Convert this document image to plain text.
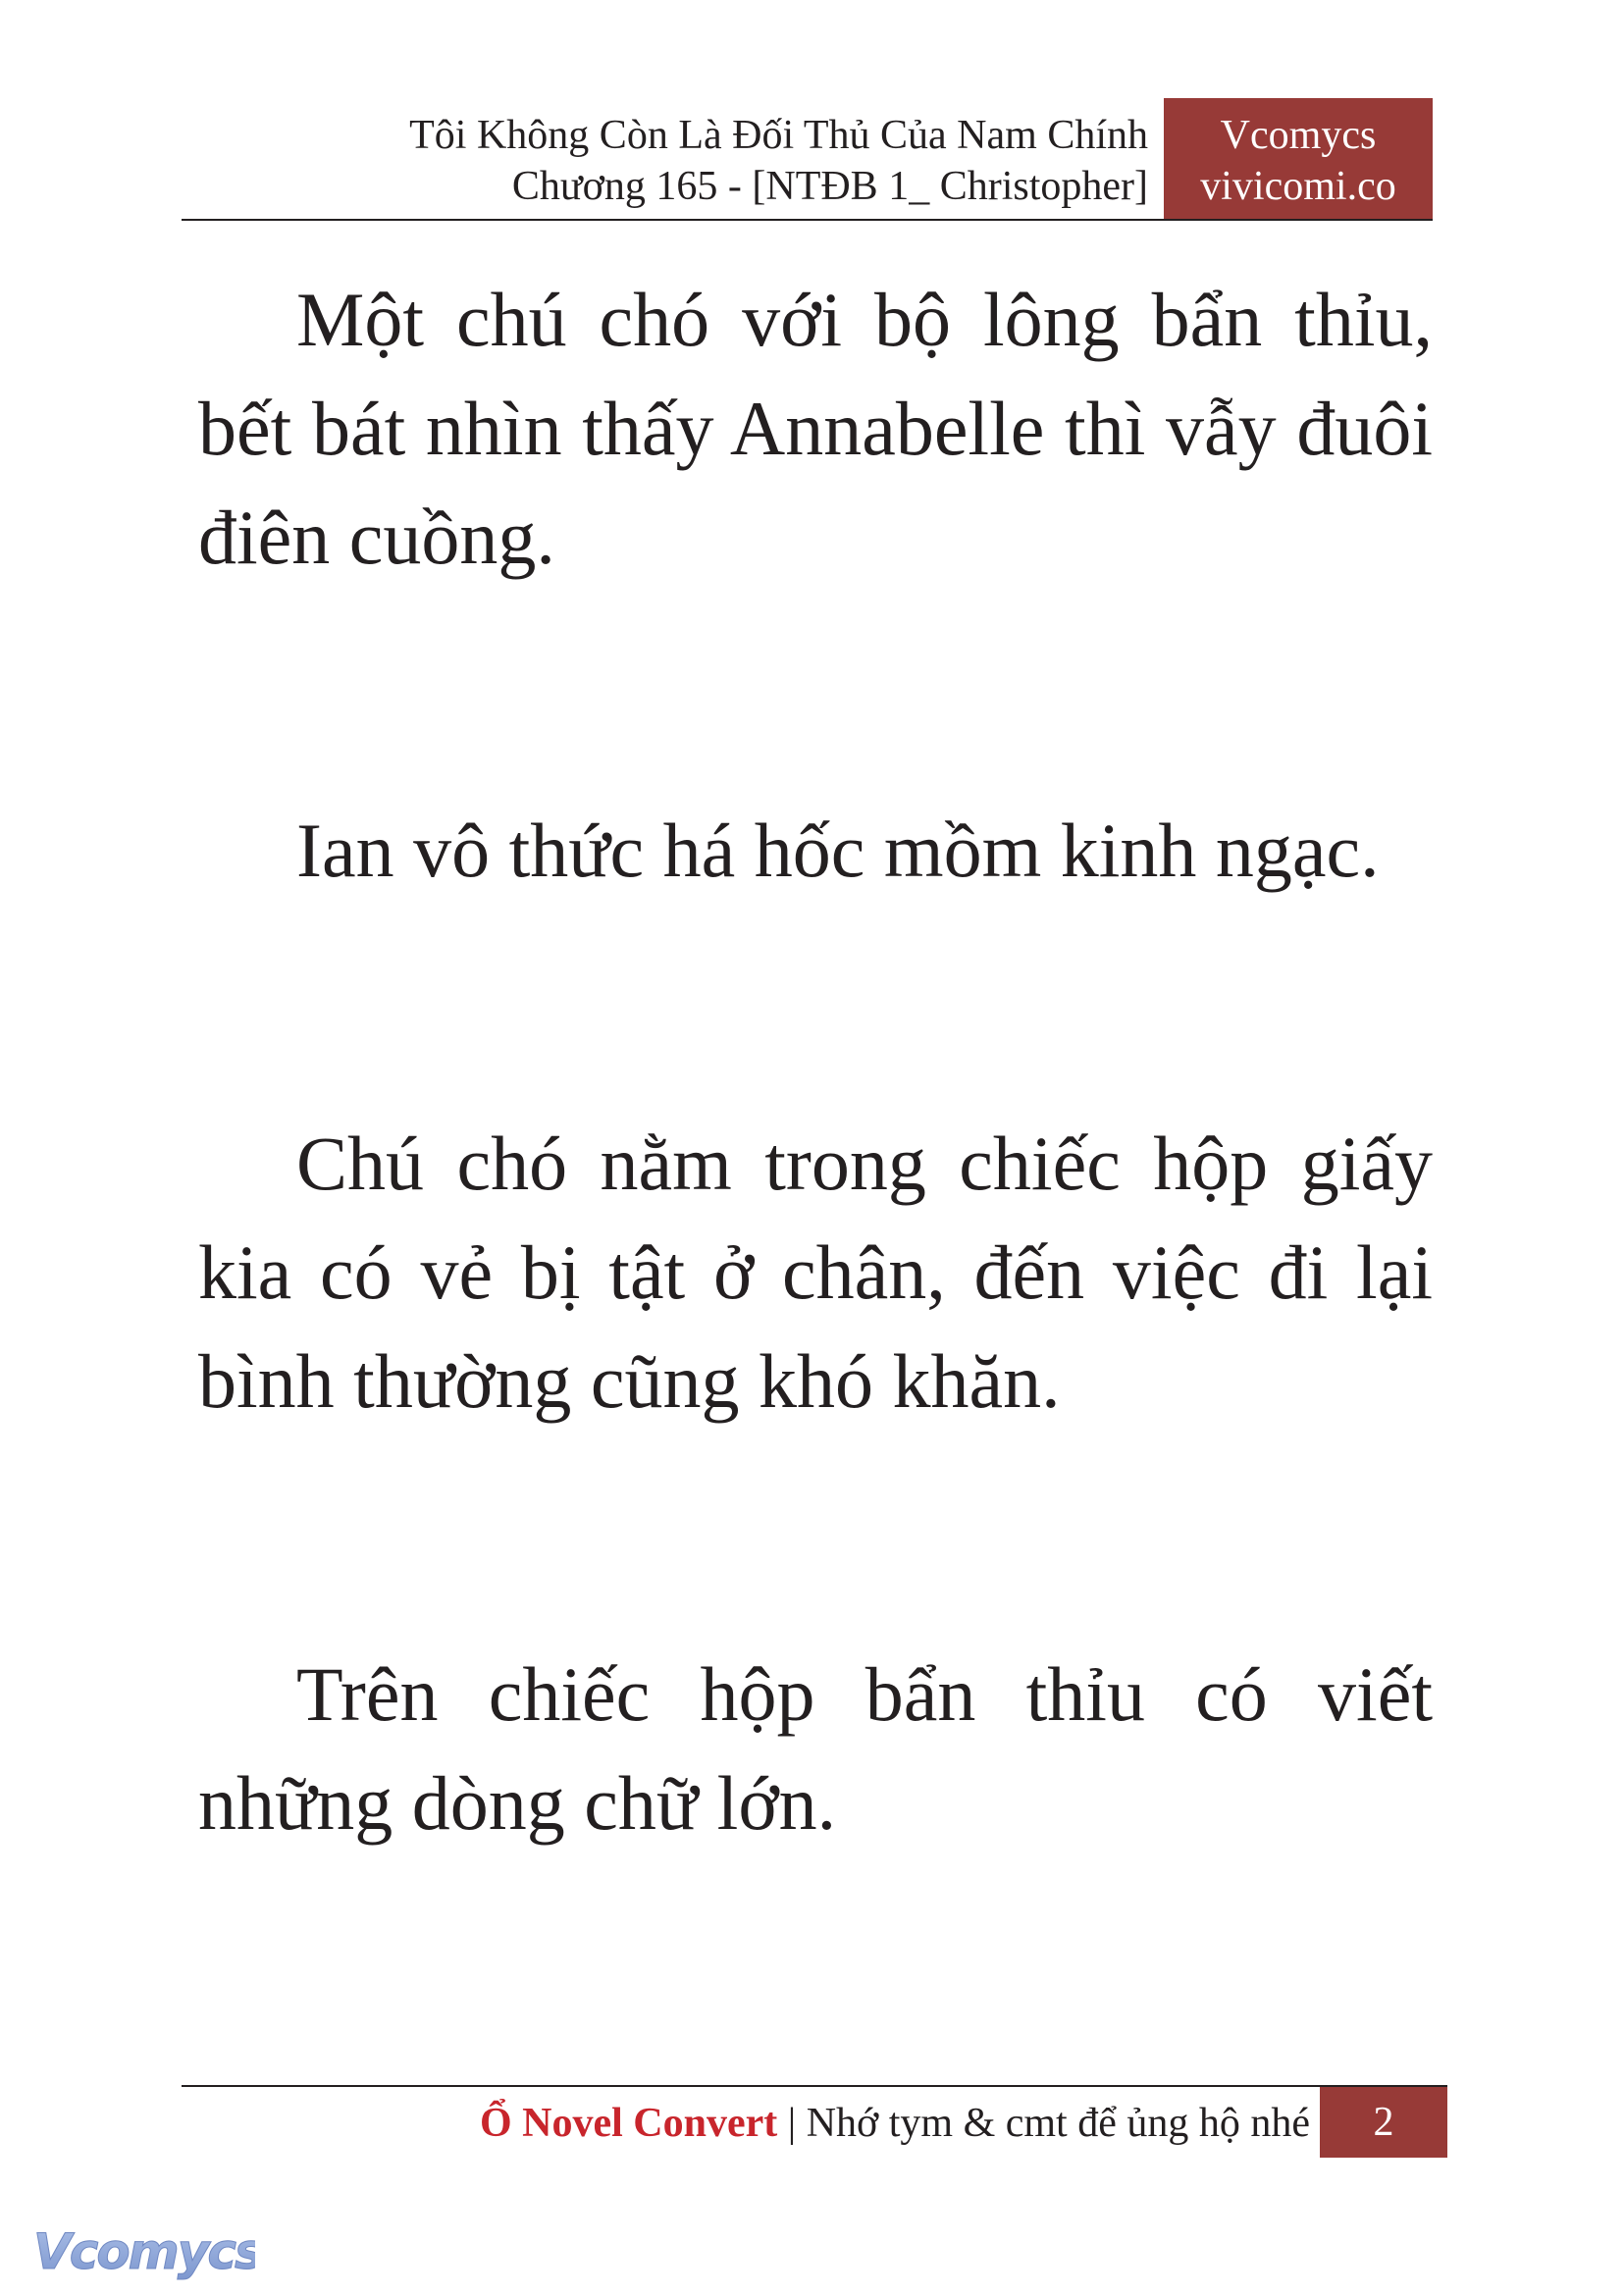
Tôi Không Còn Là Đối Thủ Của Nam Chính
Chương 165 - [NTĐB 1_ Christopher]
Vcomycs
vivicomi.co

Một chú chó với bộ lông bẩn thỉu, bết bát nhìn thấy Annabelle thì vẫy đuôi điên cuồng.

Ian vô thức há hốc mồm kinh ngạc.

Chú chó nằm trong chiếc hộp giấy kia có vẻ bị tật ở chân, đến việc đi lại bình thường cũng khó khăn.

Trên chiếc hộp bẩn thỉu có viết những dòng chữ lớn.

Ổ Novel Convert | Nhớ tym & cmt để ủng hộ nhé	2
Vcomycs
